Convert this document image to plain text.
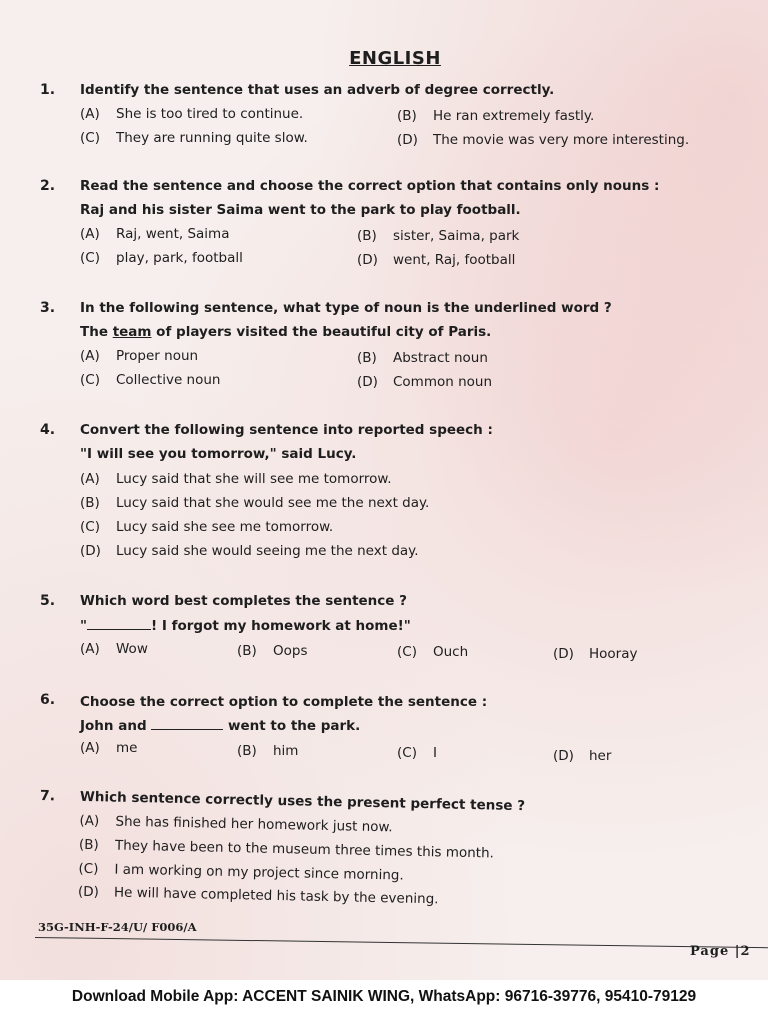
ENGLISH
1. Identify the sentence that uses an adverb of degree correctly.
(A) She is too tired to continue.	(B) He ran extremely fastly.
(C) They are running quite slow.	(D) The movie was very more interesting.
2. Read the sentence and choose the correct option that contains only nouns :
Raj and his sister Saima went to the park to play football.
(A) Raj, went, Saima	(B) sister, Saima, park
(C) play, park, football	(D) went, Raj, football
3. In the following sentence, what type of noun is the underlined word ?
The team of players visited the beautiful city of Paris.
(A) Proper noun	(B) Abstract noun
(C) Collective noun	(D) Common noun
4. Convert the following sentence into reported speech :
"I will see you tomorrow," said Lucy.
(A) Lucy said that she will see me tomorrow.
(B) Lucy said that she would see me the next day.
(C) Lucy said she see me tomorrow.
(D) Lucy said she would seeing me the next day.
5. Which word best completes the sentence ?
"	! I forgot my homework at home!"
(A) Wow	(B) Oops	(C) Ouch	(D) Hooray
6. Choose the correct option to complete the sentence :
John and	went to the park.
(A) me	(B) him	(C) I	(D) her
7. Which sentence correctly uses the present perfect tense ?
(A) She has finished her homework just now.
(B) They have been to the museum three times this month.
(C) I am working on my project since morning.
(D) He will have completed his task by the evening.
35G-INH-F-24/U/ F006/A
Page |2
Download Mobile App: ACCENT SAINIK WING, WhatsApp: 96716-39776, 95410-79129
